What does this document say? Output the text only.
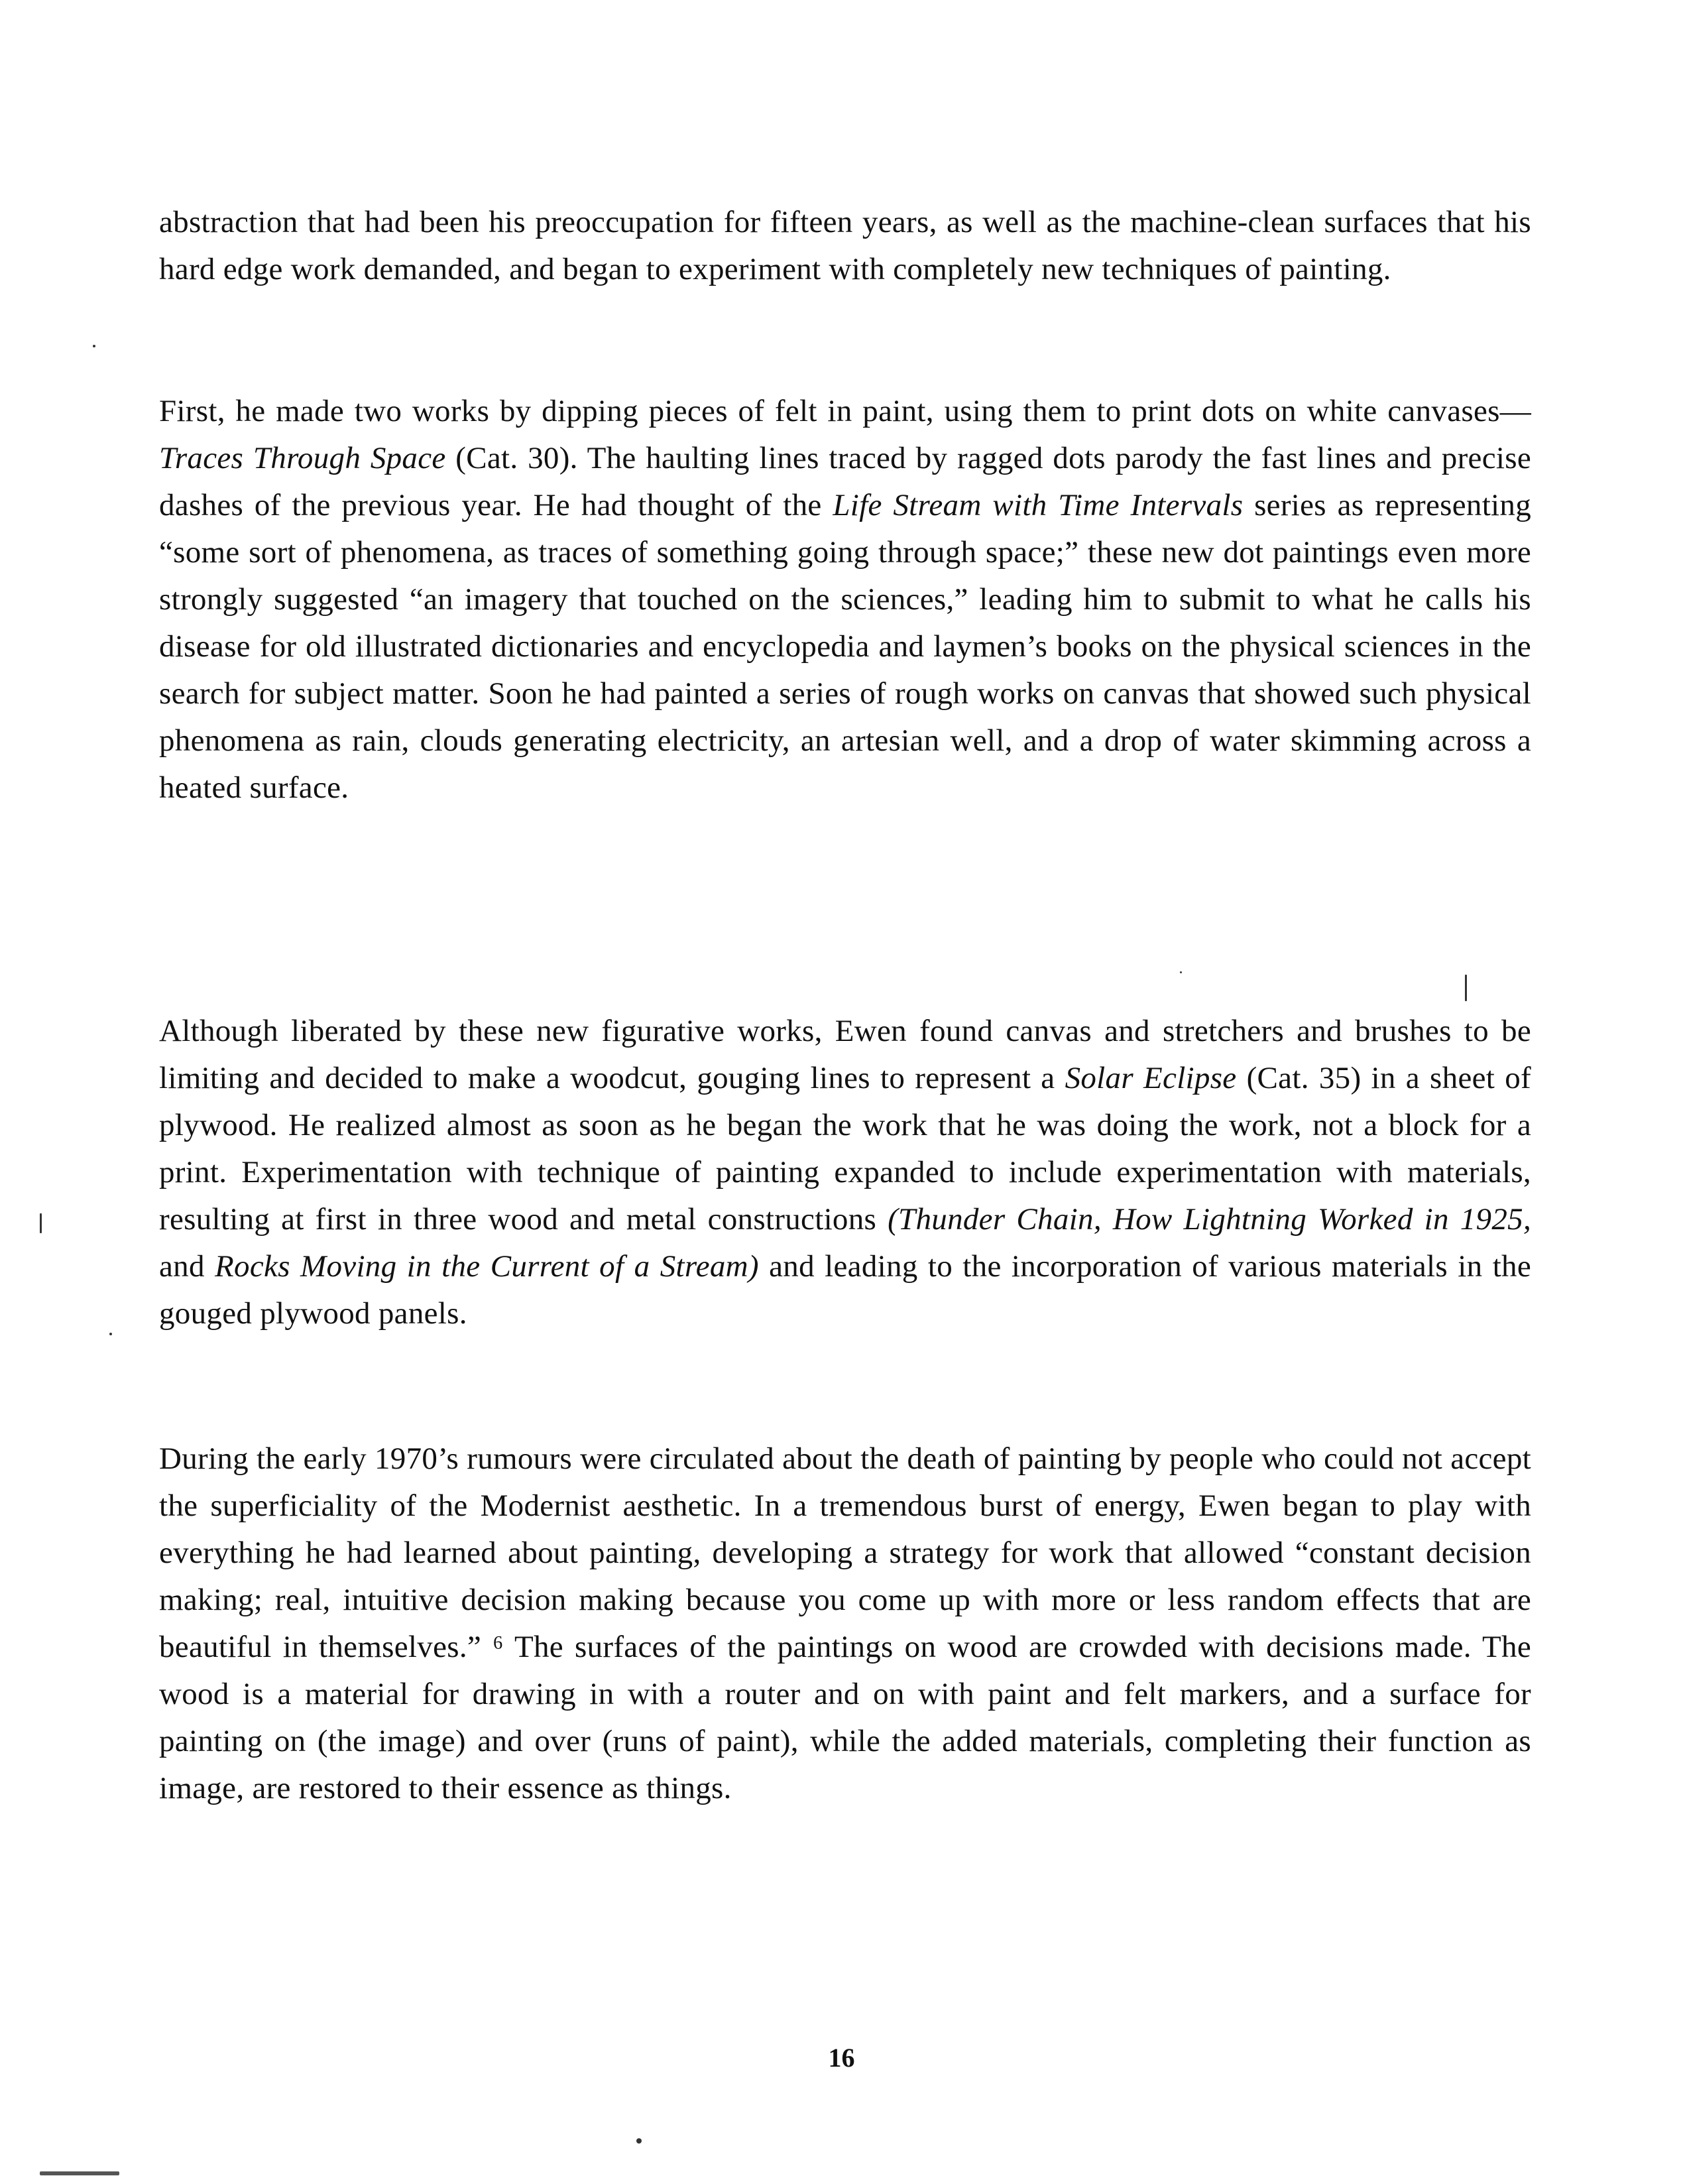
abstraction that had been his preoccupation for fifteen years, as well as the machine-clean surfaces that his hard edge work demanded, and began to experiment with completely new techniques of painting.

First, he made two works by dipping pieces of felt in paint, using them to print dots on white canvases—Traces Through Space (Cat. 30). The haulting lines traced by ragged dots parody the fast lines and precise dashes of the previous year. He had thought of the Life Stream with Time Intervals series as representing “some sort of phenomena, as traces of something going through space;” these new dot paintings even more strongly suggested “an imagery that touched on the sciences,” leading him to submit to what he calls his disease for old illustrated dictionaries and encyclopedia and laymen’s books on the physical sciences in the search for subject matter. Soon he had painted a series of rough works on canvas that showed such physical phenomena as rain, clouds generating electricity, an artesian well, and a drop of water skimming across a heated surface.

Although liberated by these new figurative works, Ewen found canvas and stretchers and brushes to be limiting and decided to make a woodcut, gouging lines to represent a Solar Eclipse (Cat. 35) in a sheet of plywood. He realized almost as soon as he began the work that he was doing the work, not a block for a print. Experimentation with technique of painting expanded to include experimentation with materials, resulting at first in three wood and metal constructions (Thunder Chain, How Lightning Worked in 1925, and Rocks Moving in the Current of a Stream) and leading to the incorporation of various materials in the gouged plywood panels.

During the early 1970’s rumours were circulated about the death of painting by people who could not accept the superficiality of the Modernist aesthetic. In a tremendous burst of energy, Ewen began to play with everything he had learned about painting, developing a strategy for work that allowed “constant decision making; real, intuitive decision making because you come up with more or less random effects that are beautiful in themselves.” ⁶ The surfaces of the paintings on wood are crowded with decisions made. The wood is a material for drawing in with a router and on with paint and felt markers, and a surface for painting on (the image) and over (runs of paint), while the added materials, completing their function as image, are restored to their essence as things.

16
